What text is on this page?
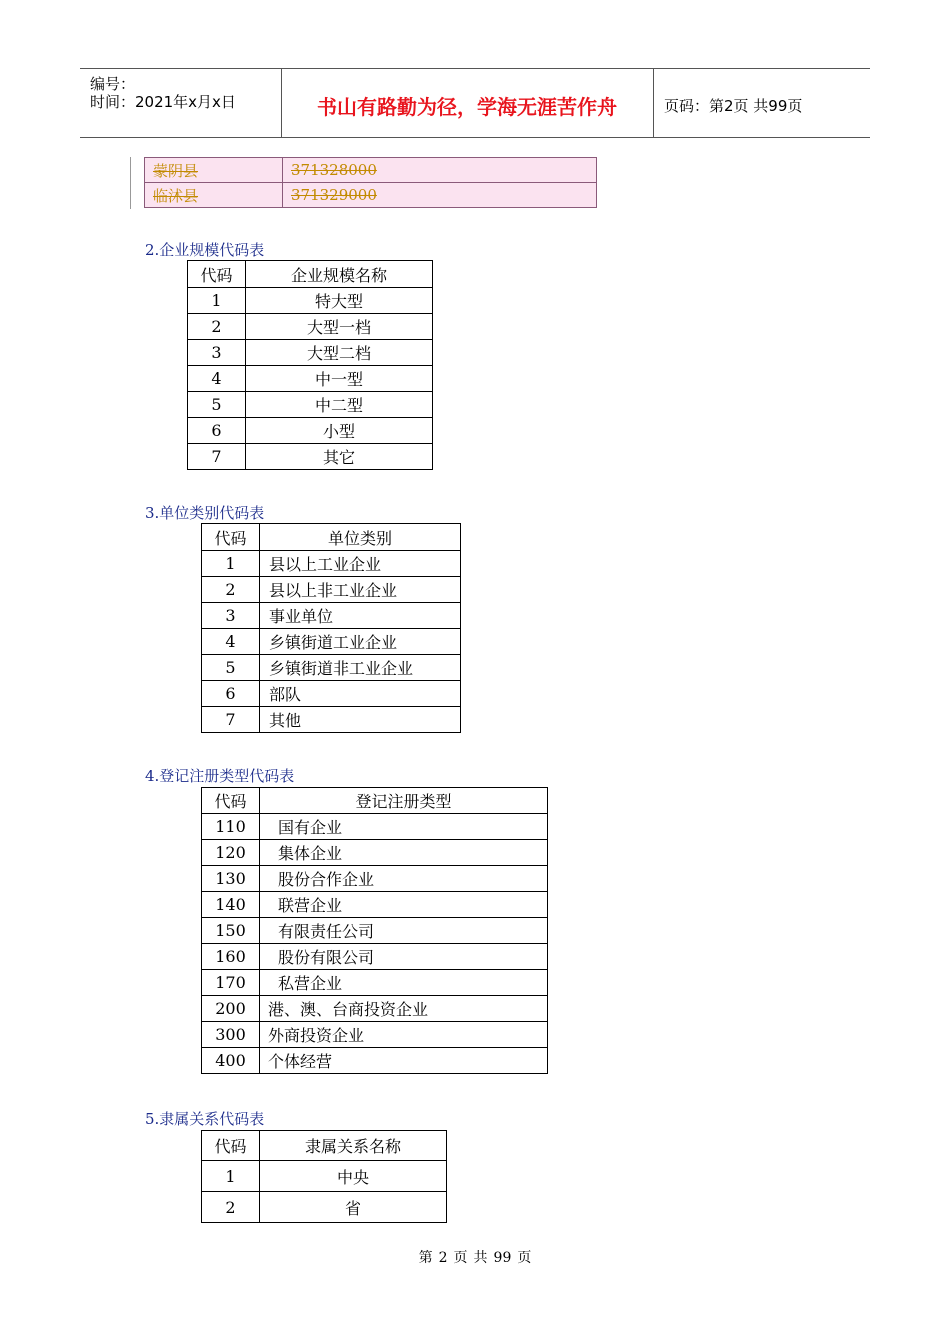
编号：
时间：2021年x月x日	书山有路勤为径，学海无涯苦作舟	页码：第2页 共99页
蒙阴县	371328000
临沭县	371329000
2.企业规模代码表
代码	企业规模名称
1	特大型
2	大型一档
3	大型二档
4	中一型
5	中二型
6	小型
7	其它
3.单位类别代码表
代码	单位类别
1	县以上工业企业
2	县以上非工业企业
3	事业单位
4	乡镇街道工业企业
5	乡镇街道非工业企业
6	部队
7	其他
4.登记注册类型代码表
代码	登记注册类型
110	国有企业
120	集体企业
130	股份合作企业
140	联营企业
150	有限责任公司
160	股份有限公司
170	私营企业
200	港、澳、台商投资企业
300	外商投资企业
400	个体经营
5.隶属关系代码表
代码	隶属关系名称
1	中央
2	省
第 2 页 共 99 页
